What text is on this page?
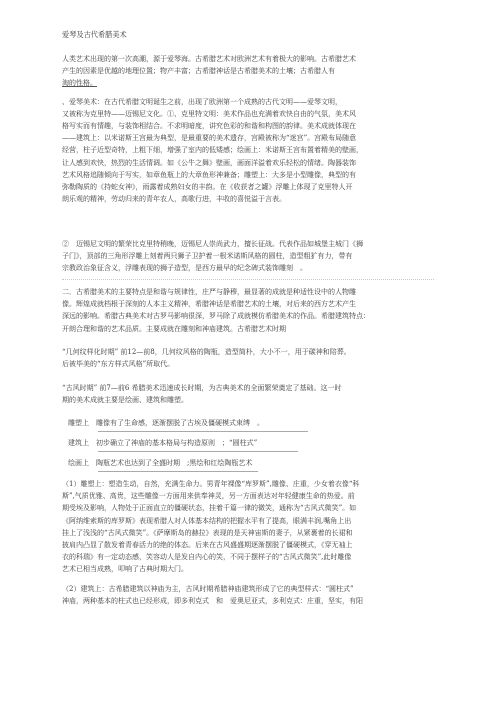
爱琴及古代希腊美术
人类艺术出现的第一次高潮，源于爱琴海。古希腊艺术对欧洲艺术有着极大的影响。古希腊艺术
产生的因素是优越的地理位置；物产丰富；古希腊神话是古希腊美术的土壤；古希腊人有
淘的性格。
、爱琴美术：在古代希腊文明诞生之前，出现了欧洲第一个成熟的古代文明——爱琴文明，
又被称为克里特——迈锡尼文化。①、克里特文明：美术作品也充满着欢快自由的气氛，美术风
格写实而有情趣，与装饰相结合。不求明暗度，讲究色彩的和谐和构图的韵律。美术成就体现在
——建筑上：以米诺斯王宫最为典型，是最重要的美术遗存，宫殿被称为“迷宫”。宫殿布局随意
经营，柱子近型奇特，上粗下细，增强了室内的低矮感；绘画上：米诺斯王宫布置着精美的壁画，
让人感到欢快，热烈的生活情调。如《公牛之舞》壁画，画面洋溢着欢乐轻松的情绪。陶器装饰
艺术风格追随倾向于写实，如章鱼瓶上的大章鱼形神兼备；雕塑上：大多是小型雕像，典型的有
弥勒陶质的《持蛇女神》，雨露着成熟妇女的丰韵。在《收获者之罐》浮雕上体现了克里特人开
朗乐观的精神，劳动归来的青年农人，高歌行进，丰收的喜悦溢于言表。
②　迈锡尼文明的繁荣比克里特稍晚，迈锡尼人崇尚武力，擅长征战。代表作品如城堡主城门《狮
子门》，顶部的三角形浮雕上刻着两只狮子卫护着一根米诺斯风格的圆柱，造型粗犷有力，带有
宗教政治象征含义，浮雕表现的狮子造型，是西方最早的纪念碑式装饰雕刻　。
二．古希腊美术的主要特点是和谐与规律性，庄严与静穆，最显著的成就是种适性设中的人物雕
像。辉煌成就档根于深刻的人本主义精神，希腊神话是希腊艺术的土壤，对后来的西方艺术产生
深远的影响。希腊古典美术对古罗马影响很深，罗马除了成就模仿希腊美术的作品。希腊建筑特点：
开朗合理和谐的艺术品质。主要成就在雕刻和神庙建筑。古希腊艺术时期
“几何纹样化时期” 前12—前8，几何纹风格的陶瓶，造型简朴，大小不一，用于碳神和陪葬。
后被毕美的“东方样式风格”所取代。
“古风时期” 前7—前6 希腊美术迅速成长时期，为古典美术的全面繁荣奠定了基础。这一时
期的美术成就主要是绘画、建筑和雕塑。
雕塑上　雕像有了生命感，逐渐摆脱了古埃及僵硬模式束缚　。
建筑上　初步确立了神庙的基本格局与构造原则　；“圆柱式”
绘画上　陶瓶艺术也达到了全盛时期　;黑绘和红绘陶瓶艺术
（1）雕塑上：塑造生动，自然，充满生命力。男青年裸像“库罗斯”,雕像、庄重，少女着衣像“科
斯”,气质优雅、高贵，这些雕像一方面用来供奉神灵，另一方面表达对年轻健康生命的热爱。前
期受埃及影响，人物处于正面直立的僵硬状态，挂着千篇一律的微笑，通称为“古风式微笑”。如
《阿纳维索斯的库罗斯》表现希腊人对人体基本结构的把握水平有了提高，眼满丰润,嘴角上出
挂上了浅浅的“古风式微笑”。《萨摩斯岛的赫拉》表现的是天神宙斯的妻子，从紧裹着的长裙和
披肩内凸显了散发着青春活力的绝的体态。后来在古风盛盛期逐渐摆脱了僵硬模式，《穿无袖上
衣的科瑞》有一定动态感，笑容动人是发自内心的笑，不同于摆样子的“古风式微笑”,此时雕像
艺术已相当成熟，叩响了古典时期大门。
（2）建筑上：古希腊建筑以神庙为主，古风时期希腊神庙建筑形成了它的典型样式：“圆柱式”
神庙，两种基本的柱式也已经形成，即多利克式　和　爱奥尼亚式，多利克式：庄重，坚实，有阳
